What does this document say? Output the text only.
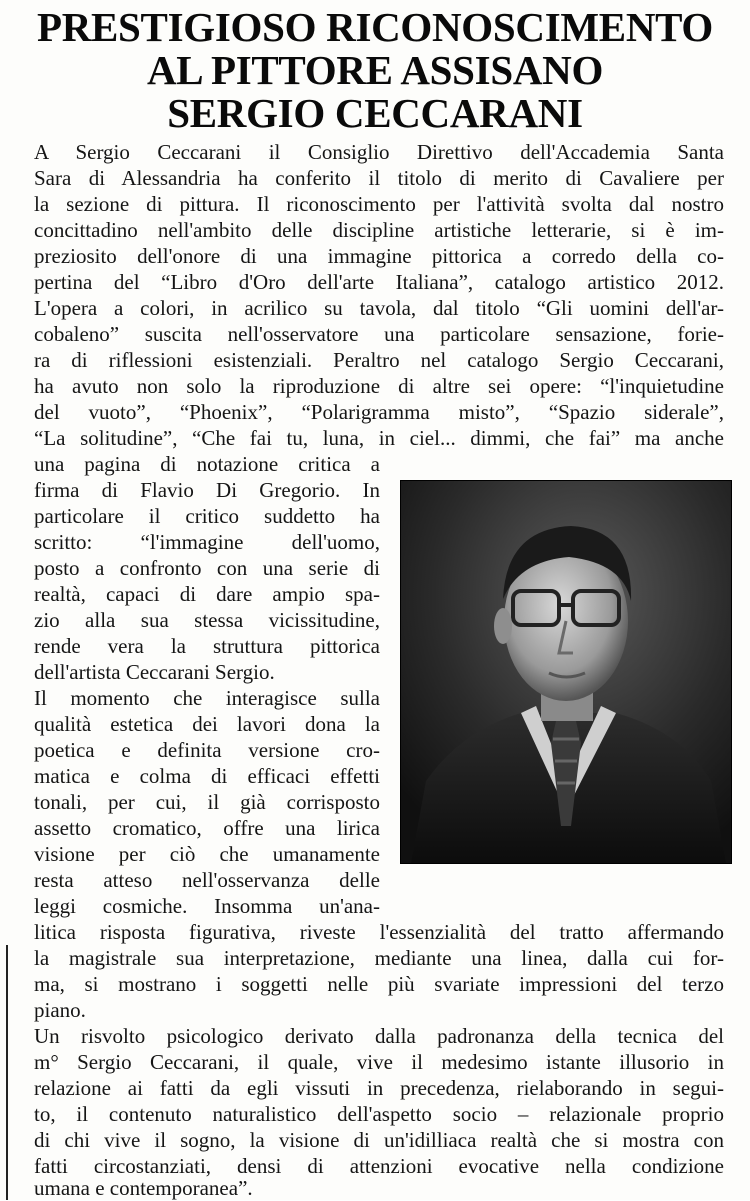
PRESTIGIOSO RICONOSCIMENTO
AL PITTORE ASSISANO
SERGIO CECCARANI

A Sergio Ceccarani il Consiglio Direttivo dell'Accademia Santa

Sara di Alessandria ha conferito il titolo di merito di Cavaliere per

la sezione di pittura. Il riconoscimento per l'attività svolta dal nostro

concittadino nell'ambito delle discipline artistiche letterarie, si è im-

preziosito dell'onore di una immagine pittorica a corredo della co-

pertina del “Libro d'Oro dell'arte Italiana”, catalogo artistico 2012.

L'opera a colori, in acrilico su tavola, dal titolo “Gli uomini dell'ar-

cobaleno” suscita nell'osservatore una particolare sensazione, forie-

ra di riflessioni esistenziali. Peraltro nel catalogo Sergio Ceccarani,

ha avuto non solo la riproduzione di altre sei opere: “l'inquietudine

del vuoto”, “Phoenix”, “Polarigramma misto”, “Spazio siderale”,

“La solitudine”, “Che fai tu, luna, in ciel... dimmi, che fai” ma anche

una pagina di notazione critica a

firma di Flavio Di Gregorio. In

particolare il critico suddetto ha

scritto: “l'immagine dell'uomo,

posto a confronto con una serie di

realtà, capaci di dare ampio spa-

zio alla sua stessa vicissitudine,

rende vera la struttura pittorica

dell'artista Ceccarani Sergio.

Il momento che interagisce sulla

qualità estetica dei lavori dona la

poetica e definita versione cro-

matica e colma di efficaci effetti

tonali, per cui, il già corrisposto

assetto cromatico, offre una lirica

visione per ciò che umanamente

resta atteso nell'osservanza delle

leggi cosmiche. Insomma un'ana-

litica risposta figurativa, riveste l'essenzialità del tratto affermando

la magistrale sua interpretazione, mediante una linea, dalla cui for-

ma, si mostrano i soggetti nelle più svariate impressioni del terzo

piano.

Un risvolto psicologico derivato dalla padronanza della tecnica del

m° Sergio Ceccarani, il quale, vive il medesimo istante illusorio in

relazione ai fatti da egli vissuti in precedenza, rielaborando in segui-

to, il contenuto naturalistico dell'aspetto socio – relazionale proprio

di chi vive il sogno, la visione di un'idilliaca realtà che si mostra con

fatti circostanziati, densi di attenzioni evocative nella condizione

umana e contemporanea”.
